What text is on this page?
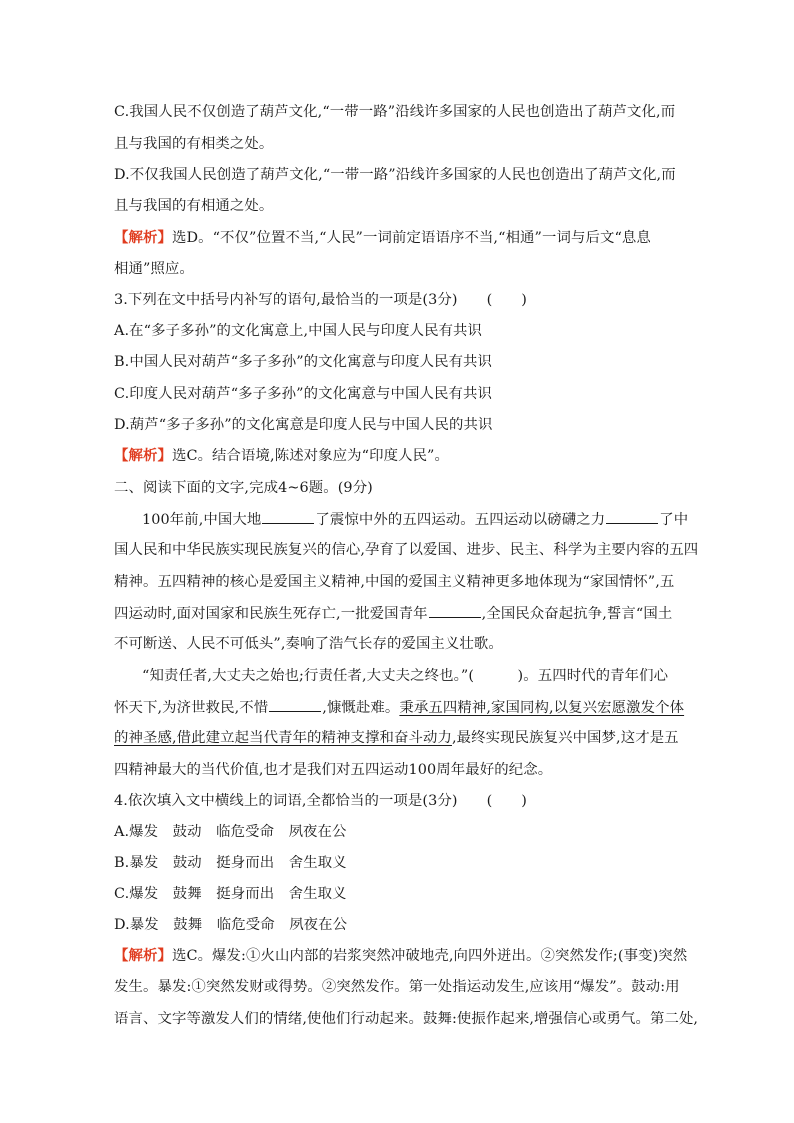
C.我国人民不仅创造了葫芦文化,“一带一路”沿线许多国家的人民也创造出了葫芦文化,而
且与我国的有相类之处。
D.不仅我国人民创造了葫芦文化,“一带一路”沿线许多国家的人民也创造出了葫芦文化,而
且与我国的有相通之处。
【解析】选D。“不仅”位置不当,“人民”一词前定语语序不当,“相通”一词与后文“息息
相通”照应。
3.下列在文中括号内补写的语句,最恰当的一项是(3分)　　(　　)
A.在“多子多孙”的文化寓意上,中国人民与印度人民有共识
B.中国人民对葫芦“多子多孙”的文化寓意与印度人民有共识
C.印度人民对葫芦“多子多孙”的文化寓意与中国人民有共识
D.葫芦“多子多孙”的文化寓意是印度人民与中国人民的共识
【解析】选C。结合语境,陈述对象应为“印度人民”。
二、阅读下面的文字,完成4~6题。(9分)
100年前,中国大地	了震惊中外的五四运动。五四运动以磅礴之力	了中
国人民和中华民族实现民族复兴的信心,孕育了以爱国、进步、民主、科学为主要内容的五四
精神。五四精神的核心是爱国主义精神,中国的爱国主义精神更多地体现为“家国情怀”,五
四运动时,面对国家和民族生死存亡,一批爱国青年	,全国民众奋起抗争,誓言“国土
不可断送、人民不可低头”,奏响了浩气长存的爱国主义壮歌。
“知责任者,大丈夫之始也;行责任者,大丈夫之终也。”(　　　)。五四时代的青年们心
怀天下,为济世救民,不惜	,慷慨赴难。秉承五四精神,家国同构,以复兴宏愿激发个体
的神圣感,借此建立起当代青年的精神支撑和奋斗动力,最终实现民族复兴中国梦,这才是五
四精神最大的当代价值,也才是我们对五四运动100周年最好的纪念。
4.依次填入文中横线上的词语,全都恰当的一项是(3分)　　(　　)
A.爆发　鼓动　临危受命　夙夜在公
B.暴发　鼓动　挺身而出　舍生取义
C.爆发　鼓舞　挺身而出　舍生取义
D.暴发　鼓舞　临危受命　夙夜在公
【解析】选C。爆发:①火山内部的岩浆突然冲破地壳,向四外迸出。②突然发作;(事变)突然
发生。暴发:①突然发财或得势。②突然发作。第一处指运动发生,应该用“爆发”。鼓动:用
语言、文字等激发人们的情绪,使他们行动起来。鼓舞:使振作起来,增强信心或勇气。第二处,
